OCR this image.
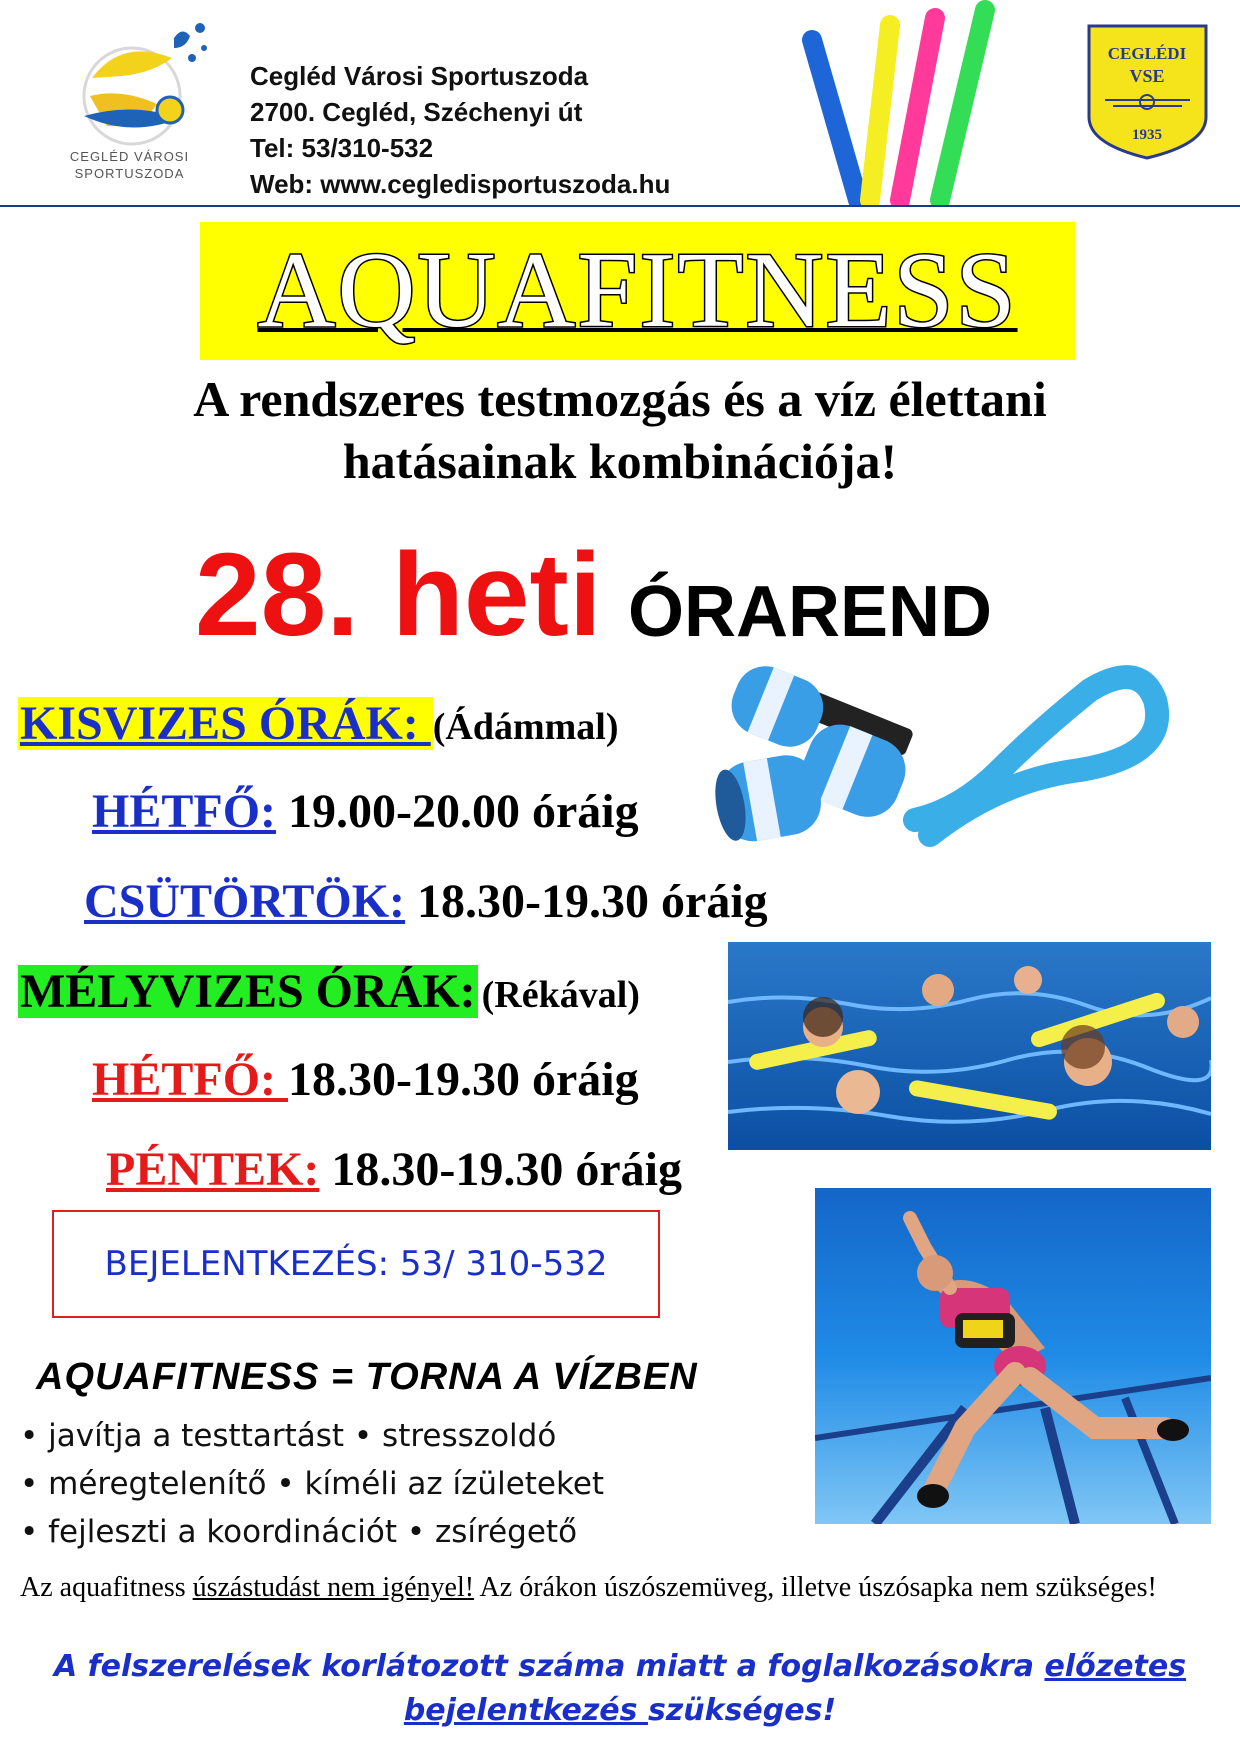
CEGLÉD VÁROSI
SPORTUSZODA
Cegléd Városi Sportuszoda
2700. Cegléd, Széchenyi út
Tel: 53/310-532
Web: www.cegledisportuszoda.hu
CEGLÉDI
VSE
1935
AQUAFITNESS
A rendszeres testmozgás és a víz élettani
hatásainak kombinációja!
28. heti ÓRAREND
KISVIZES ÓRÁK: (Ádámmal)
HÉTFŐ: 19.00-20.00 óráig
CSÜTÖRTÖK: 18.30-19.30 óráig
MÉLYVIZES ÓRÁK: (Rékával)
HÉTFŐ: 18.30-19.30 óráig
PÉNTEK: 18.30-19.30 óráig
BEJELENTKEZÉS: 53/ 310-532
AQUAFITNESS = TORNA A VÍZBEN
• javítja a testtartást • stresszoldó
• méregtelenítő • kíméli az ízületeket
• fejleszti a koordinációt • zsírégető
Az aquafitness úszástudást nem igényel! Az órákon úszószemüveg, illetve úszósapka nem szükséges!
A felszerelések korlátozott száma miatt a foglalkozásokra előzetes
bejelentkezés szükséges!
